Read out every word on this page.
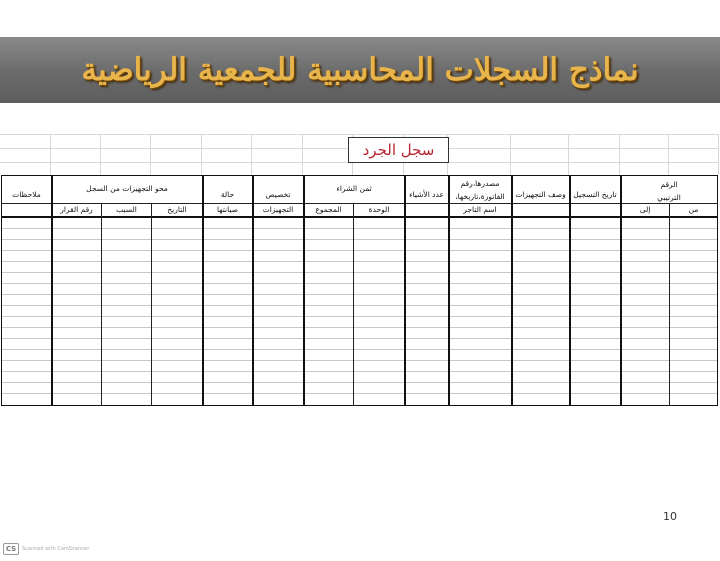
نماذج السجلات المحاسبية للجمعية الرياضية
سجل الجرد
الرقم
الترتيبي
من
إلى
تاريخ التسجيل
وصف التجهيزات
مصدرها،رقم
الفاتورة،تاريخها،
اسم التاجر
عدد الأشياء
ثمن الشراء
الوحدة
المجموع
تخصيص
التجهيزات
حالة
صيانتها
محو التجهيزات من السجل
التاريخ
السبب
رقم القرار
ملاحظات
10
CS	Scanned with CamScanner
